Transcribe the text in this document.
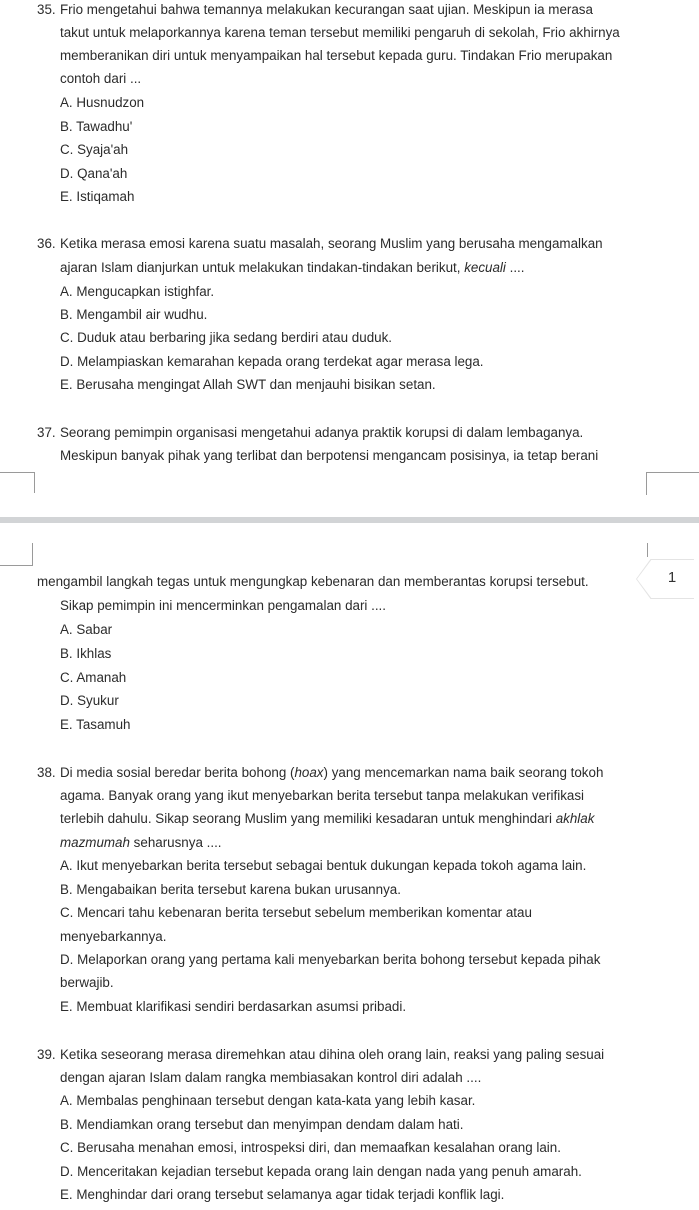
35. Frio mengetahui bahwa temannya melakukan kecurangan saat ujian. Meskipun ia merasa
takut untuk melaporkannya karena teman tersebut memiliki pengaruh di sekolah, Frio akhirnya
memberanikan diri untuk menyampaikan hal tersebut kepada guru. Tindakan Frio merupakan
contoh dari ...
A. Husnudzon
B. Tawadhu'
C. Syaja'ah
D. Qana'ah
E. Istiqamah
36. Ketika merasa emosi karena suatu masalah, seorang Muslim yang berusaha mengamalkan
ajaran Islam dianjurkan untuk melakukan tindakan-tindakan berikut, kecuali ....
A. Mengucapkan istighfar.
B. Mengambil air wudhu.
C. Duduk atau berbaring jika sedang berdiri atau duduk.
D. Melampiaskan kemarahan kepada orang terdekat agar merasa lega.
E. Berusaha mengingat Allah SWT dan menjauhi bisikan setan.
37. Seorang pemimpin organisasi mengetahui adanya praktik korupsi di dalam lembaganya.
Meskipun banyak pihak yang terlibat dan berpotensi mengancam posisinya, ia tetap berani
1
mengambil langkah tegas untuk mengungkap kebenaran dan memberantas korupsi tersebut.
Sikap pemimpin ini mencerminkan pengamalan dari ....
A. Sabar
B. Ikhlas
C. Amanah
D. Syukur
E. Tasamuh
38. Di media sosial beredar berita bohong (hoax) yang mencemarkan nama baik seorang tokoh
agama. Banyak orang yang ikut menyebarkan berita tersebut tanpa melakukan verifikasi
terlebih dahulu. Sikap seorang Muslim yang memiliki kesadaran untuk menghindari akhlak
mazmumah seharusnya ....
A. Ikut menyebarkan berita tersebut sebagai bentuk dukungan kepada tokoh agama lain.
B. Mengabaikan berita tersebut karena bukan urusannya.
C. Mencari tahu kebenaran berita tersebut sebelum memberikan komentar atau
menyebarkannya.
D. Melaporkan orang yang pertama kali menyebarkan berita bohong tersebut kepada pihak
berwajib.
E. Membuat klarifikasi sendiri berdasarkan asumsi pribadi.
39. Ketika seseorang merasa diremehkan atau dihina oleh orang lain, reaksi yang paling sesuai
dengan ajaran Islam dalam rangka membiasakan kontrol diri adalah ....
A. Membalas penghinaan tersebut dengan kata-kata yang lebih kasar.
B. Mendiamkan orang tersebut dan menyimpan dendam dalam hati.
C. Berusaha menahan emosi, introspeksi diri, dan memaafkan kesalahan orang lain.
D. Menceritakan kejadian tersebut kepada orang lain dengan nada yang penuh amarah.
E. Menghindar dari orang tersebut selamanya agar tidak terjadi konflik lagi.
